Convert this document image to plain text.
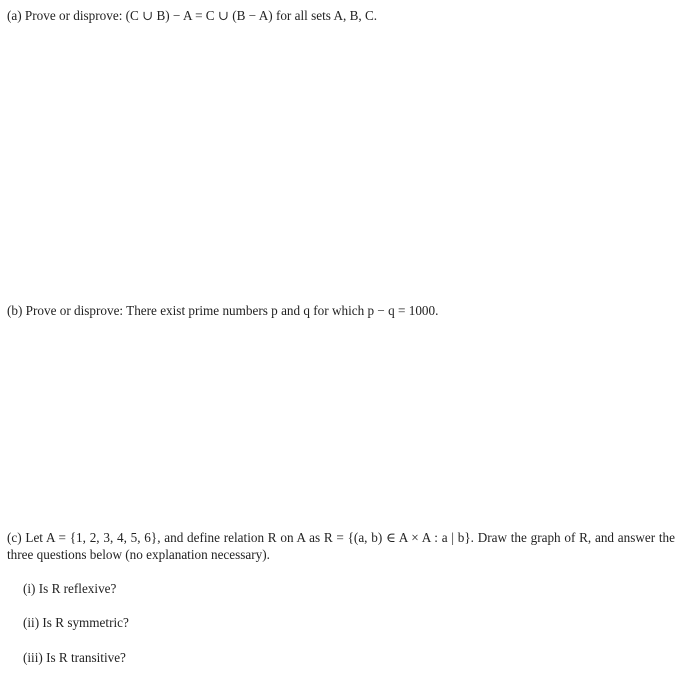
(a) Prove or disprove: (C ∪ B) − A = C ∪ (B − A) for all sets A, B, C.
(b) Prove or disprove: There exist prime numbers p and q for which p − q = 1000.
(c) Let A = {1, 2, 3, 4, 5, 6}, and define relation R on A as R = {(a, b) ∈ A × A : a | b}. Draw the graph of R, and answer the three questions below (no explanation necessary).
(i) Is R reflexive?
(ii) Is R symmetric?
(iii) Is R transitive?
